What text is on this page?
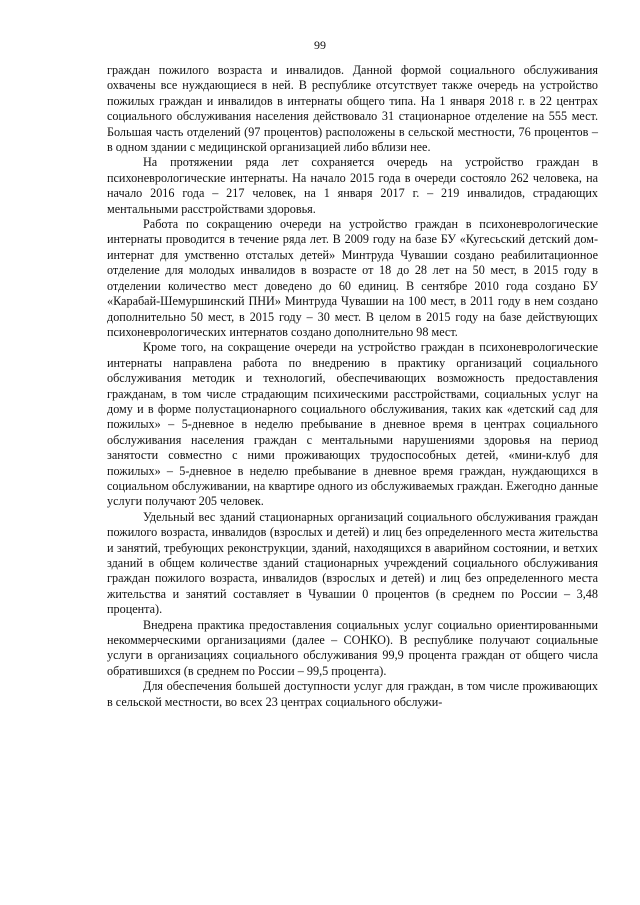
99

граждан пожилого возраста и инвалидов. Данной формой социального обслуживания охвачены все нуждающиеся в ней. В республике отсутствует также очередь на устройство пожилых граждан и инвалидов в интернаты общего типа. На 1 января 2018 г. в 22 центрах социального обслуживания населения действовало 31 стационарное отделение на 555 мест. Большая часть отделений (97 процентов) расположены в сельской местности, 76 процентов – в одном здании с медицинской организацией либо вблизи нее.

На протяжении ряда лет сохраняется очередь на устройство граждан в психоневрологические интернаты. На начало 2015 года в очереди состояло 262 человека, на начало 2016 года – 217 человек, на 1 января 2017 г. – 219 инвалидов, страдающих ментальными расстройствами здоровья.

Работа по сокращению очереди на устройство граждан в психоневрологические интернаты проводится в течение ряда лет. В 2009 году на базе БУ «Кугесьский детский дом-интернат для умственно отсталых детей» Минтруда Чувашии создано реабилитационное отделение для молодых инвалидов в возрасте от 18 до 28 лет на 50 мест, в 2015 году в отделении количество мест доведено до 60 единиц. В сентябре 2010 года создано БУ «Карабай-Шемуршинский ПНИ» Минтруда Чувашии на 100 мест, в 2011 году в нем создано дополнительно 50 мест, в 2015 году – 30 мест. В целом в 2015 году на базе действующих психоневрологических интернатов создано дополнительно 98 мест.

Кроме того, на сокращение очереди на устройство граждан в психоневрологические интернаты направлена работа по внедрению в практику организаций социального обслуживания методик и технологий, обеспечивающих возможность предоставления гражданам, в том числе страдающим психическими расстройствами, социальных услуг на дому и в форме полустационарного социального обслуживания, таких как «детский сад для пожилых» – 5-дневное в неделю пребывание в дневное время в центрах социального обслуживания населения граждан с ментальными нарушениями здоровья на период занятости совместно с ними проживающих трудоспособных детей, «мини-клуб для пожилых» – 5-дневное в неделю пребывание в дневное время граждан, нуждающихся в социальном обслуживании, на квартире одного из обслуживаемых граждан. Ежегодно данные услуги получают 205 человек.

Удельный вес зданий стационарных организаций социального обслуживания граждан пожилого возраста, инвалидов (взрослых и детей) и лиц без определенного места жительства и занятий, требующих реконструкции, зданий, находящихся в аварийном состоянии, и ветхих зданий в общем количестве зданий стационарных учреждений социального обслуживания граждан пожилого возраста, инвалидов (взрослых и детей) и лиц без определенного места жительства и занятий составляет в Чувашии 0 процентов (в среднем по России – 3,48 процента).

Внедрена практика предоставления социальных услуг социально ориентированными некоммерческими организациями (далее – СОНКО). В республике получают социальные услуги в организациях социального обслуживания 99,9 процента граждан от общего числа обратившихся (в среднем по России – 99,5 процента).

Для обеспечения большей доступности услуг для граждан, в том числе проживающих в сельской местности, во всех 23 центрах социального обслужи-
